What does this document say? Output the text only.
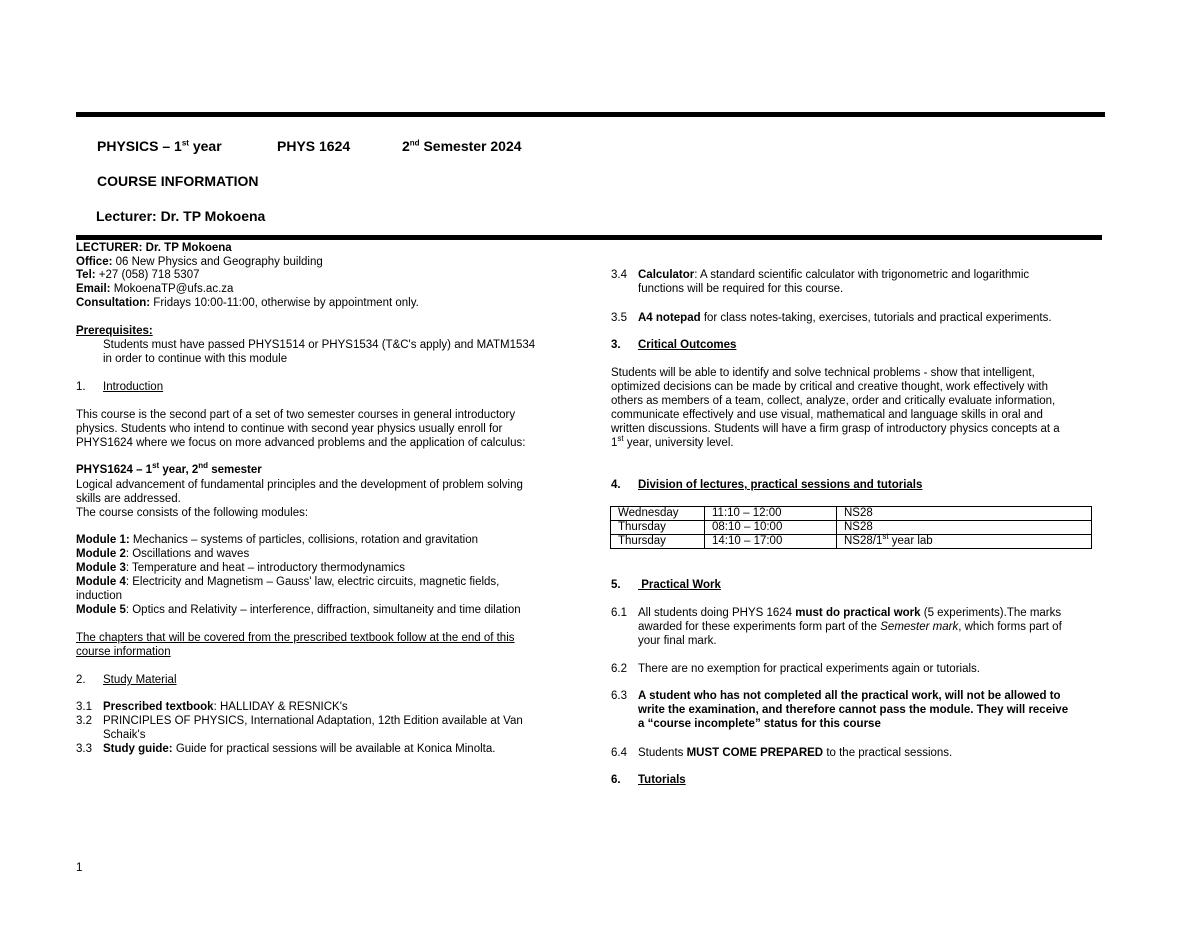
PHYSICS – 1st year	PHYS 1624	2nd Semester 2024
COURSE INFORMATION
Lecturer: Dr. TP Mokoena
LECTURER: Dr. TP Mokoena
Office: 06 New Physics and Geography building
Tel: +27 (058) 718 5307
Email: MokoenaTP@ufs.ac.za
Consultation: Fridays 10:00-11:00, otherwise by appointment only.
Prerequisites:
Students must have passed PHYS1514 or PHYS1534 (T&C's apply) and MATM1534
in order to continue with this module
1. Introduction
This course is the second part of a set of two semester courses in general introductory
physics. Students who intend to continue with second year physics usually enroll for
PHYS1624 where we focus on more advanced problems and the application of calculus:
PHYS1624 – 1st year, 2nd semester
Logical advancement of fundamental principles and the development of problem solving
skills are addressed.
The course consists of the following modules:
Module 1: Mechanics – systems of particles, collisions, rotation and gravitation
Module 2: Oscillations and waves
Module 3: Temperature and heat – introductory thermodynamics
Module 4: Electricity and Magnetism – Gauss' law, electric circuits, magnetic fields,
induction
Module 5: Optics and Relativity – interference, diffraction, simultaneity and time dilation
The chapters that will be covered from the prescribed textbook follow at the end of this
course information
2. Study Material
3.1 Prescribed textbook: HALLIDAY & RESNICK's
3.2 PRINCIPLES OF PHYSICS, International Adaptation, 12th Edition available at Van
Schaik's
3.3 Study guide: Guide for practical sessions will be available at Konica Minolta.
3.4 Calculator: A standard scientific calculator with trigonometric and logarithmic
functions will be required for this course.
3.5 A4 notepad for class notes-taking, exercises, tutorials and practical experiments.
3. Critical Outcomes
Students will be able to identify and solve technical problems - show that intelligent,
optimized decisions can be made by critical and creative thought, work effectively with
others as members of a team, collect, analyze, order and critically evaluate information,
communicate effectively and use visual, mathematical and language skills in oral and
written discussions. Students will have a firm grasp of introductory physics concepts at a
1st year, university level.
4. Division of lectures, practical sessions and tutorials
Wednesday	11:10 – 12:00	NS28
Thursday	08:10 – 10:00	NS28
Thursday	14:10 – 17:00	NS28/1st year lab
5. Practical Work
6.1 All students doing PHYS 1624 must do practical work (5 experiments).The marks
awarded for these experiments form part of the Semester mark, which forms part of
your final mark.
6.2 There are no exemption for practical experiments again or tutorials.
6.3 A student who has not completed all the practical work, will not be allowed to
write the examination, and therefore cannot pass the module. They will receive
a “course incomplete” status for this course
6.4 Students MUST COME PREPARED to the practical sessions.
6. Tutorials
1
